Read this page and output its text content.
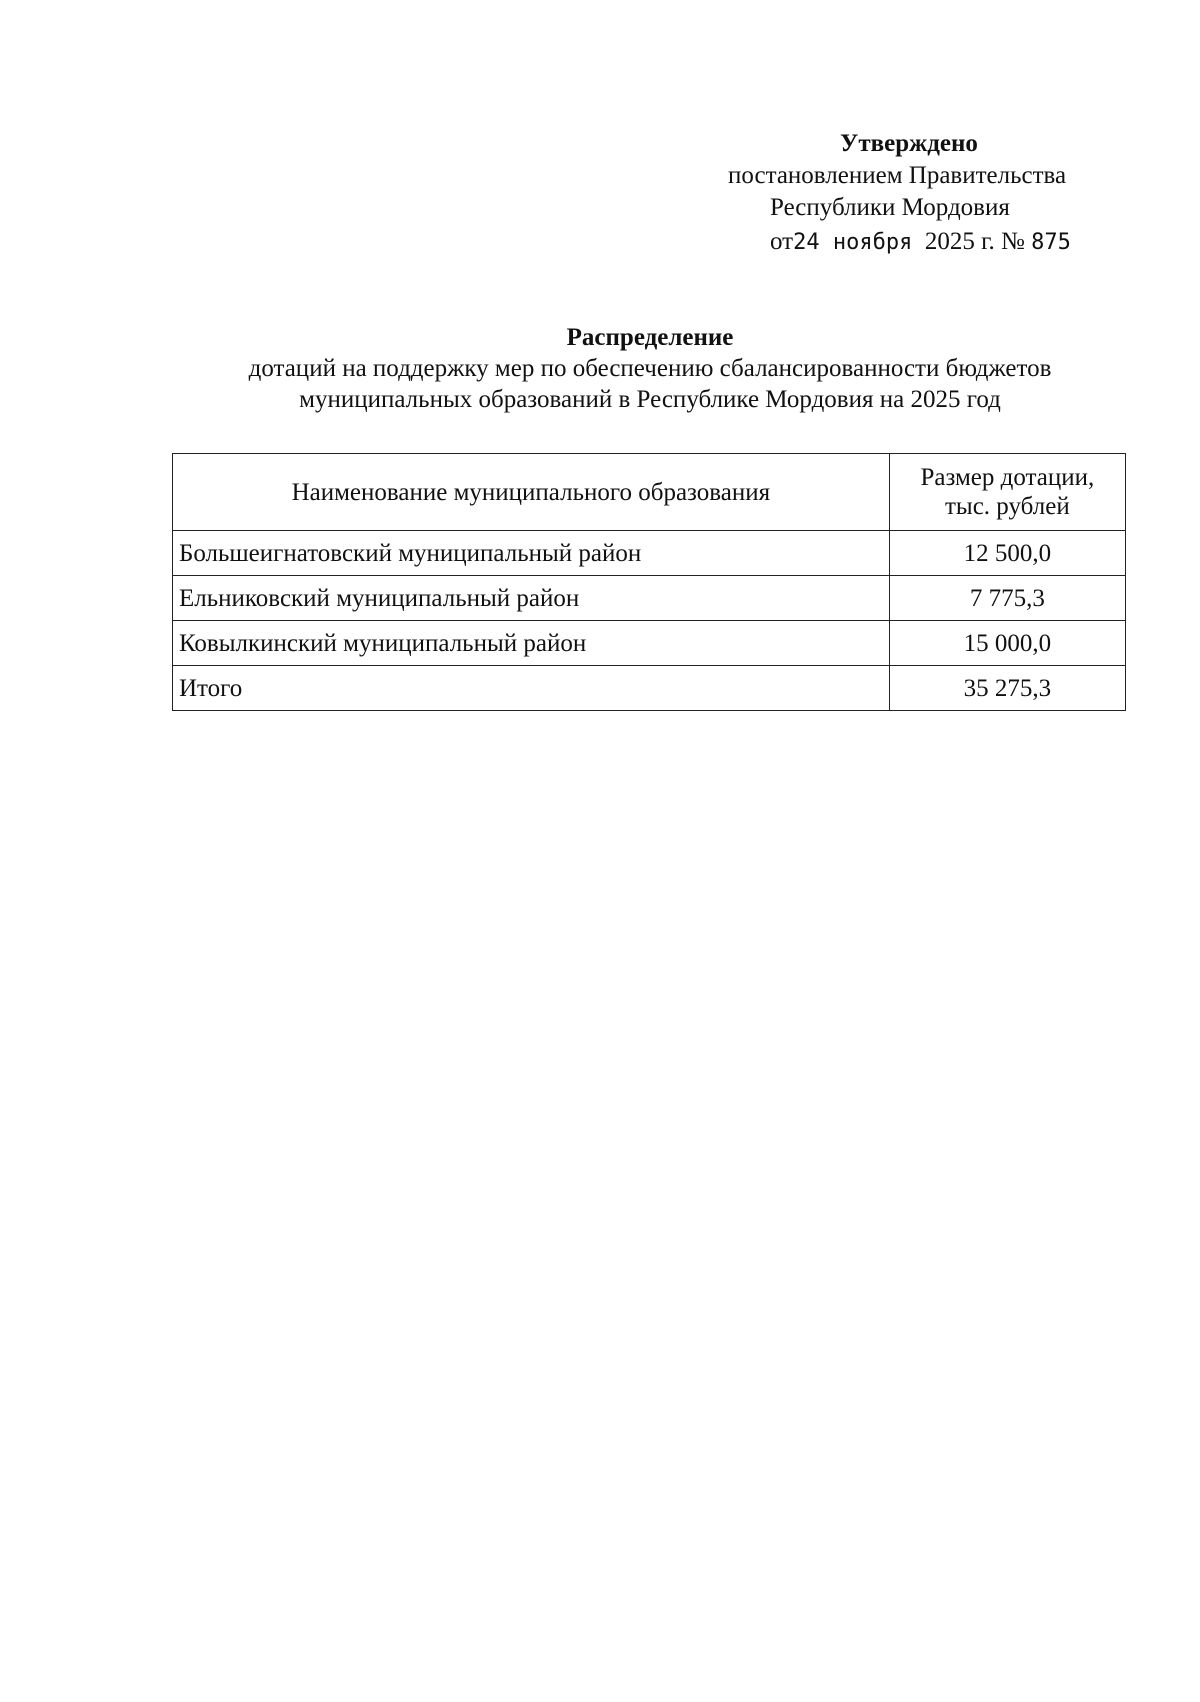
Утверждено
постановлением Правительства
Республики Мордовия
от24 ноября 2025 г. № 875
Распределение
дотаций на поддержку мер по обеспечению сбалансированности бюджетов
муниципальных образований в Республике Мордовия на 2025 год
Наименование муниципального образования	Размер дотации,
тыс. рублей

Большеигнатовский муниципальный район	12 500,0
Ельниковский муниципальный район	7 775,3
Ковылкинский муниципальный район	15 000,0
Итого	35 275,3
